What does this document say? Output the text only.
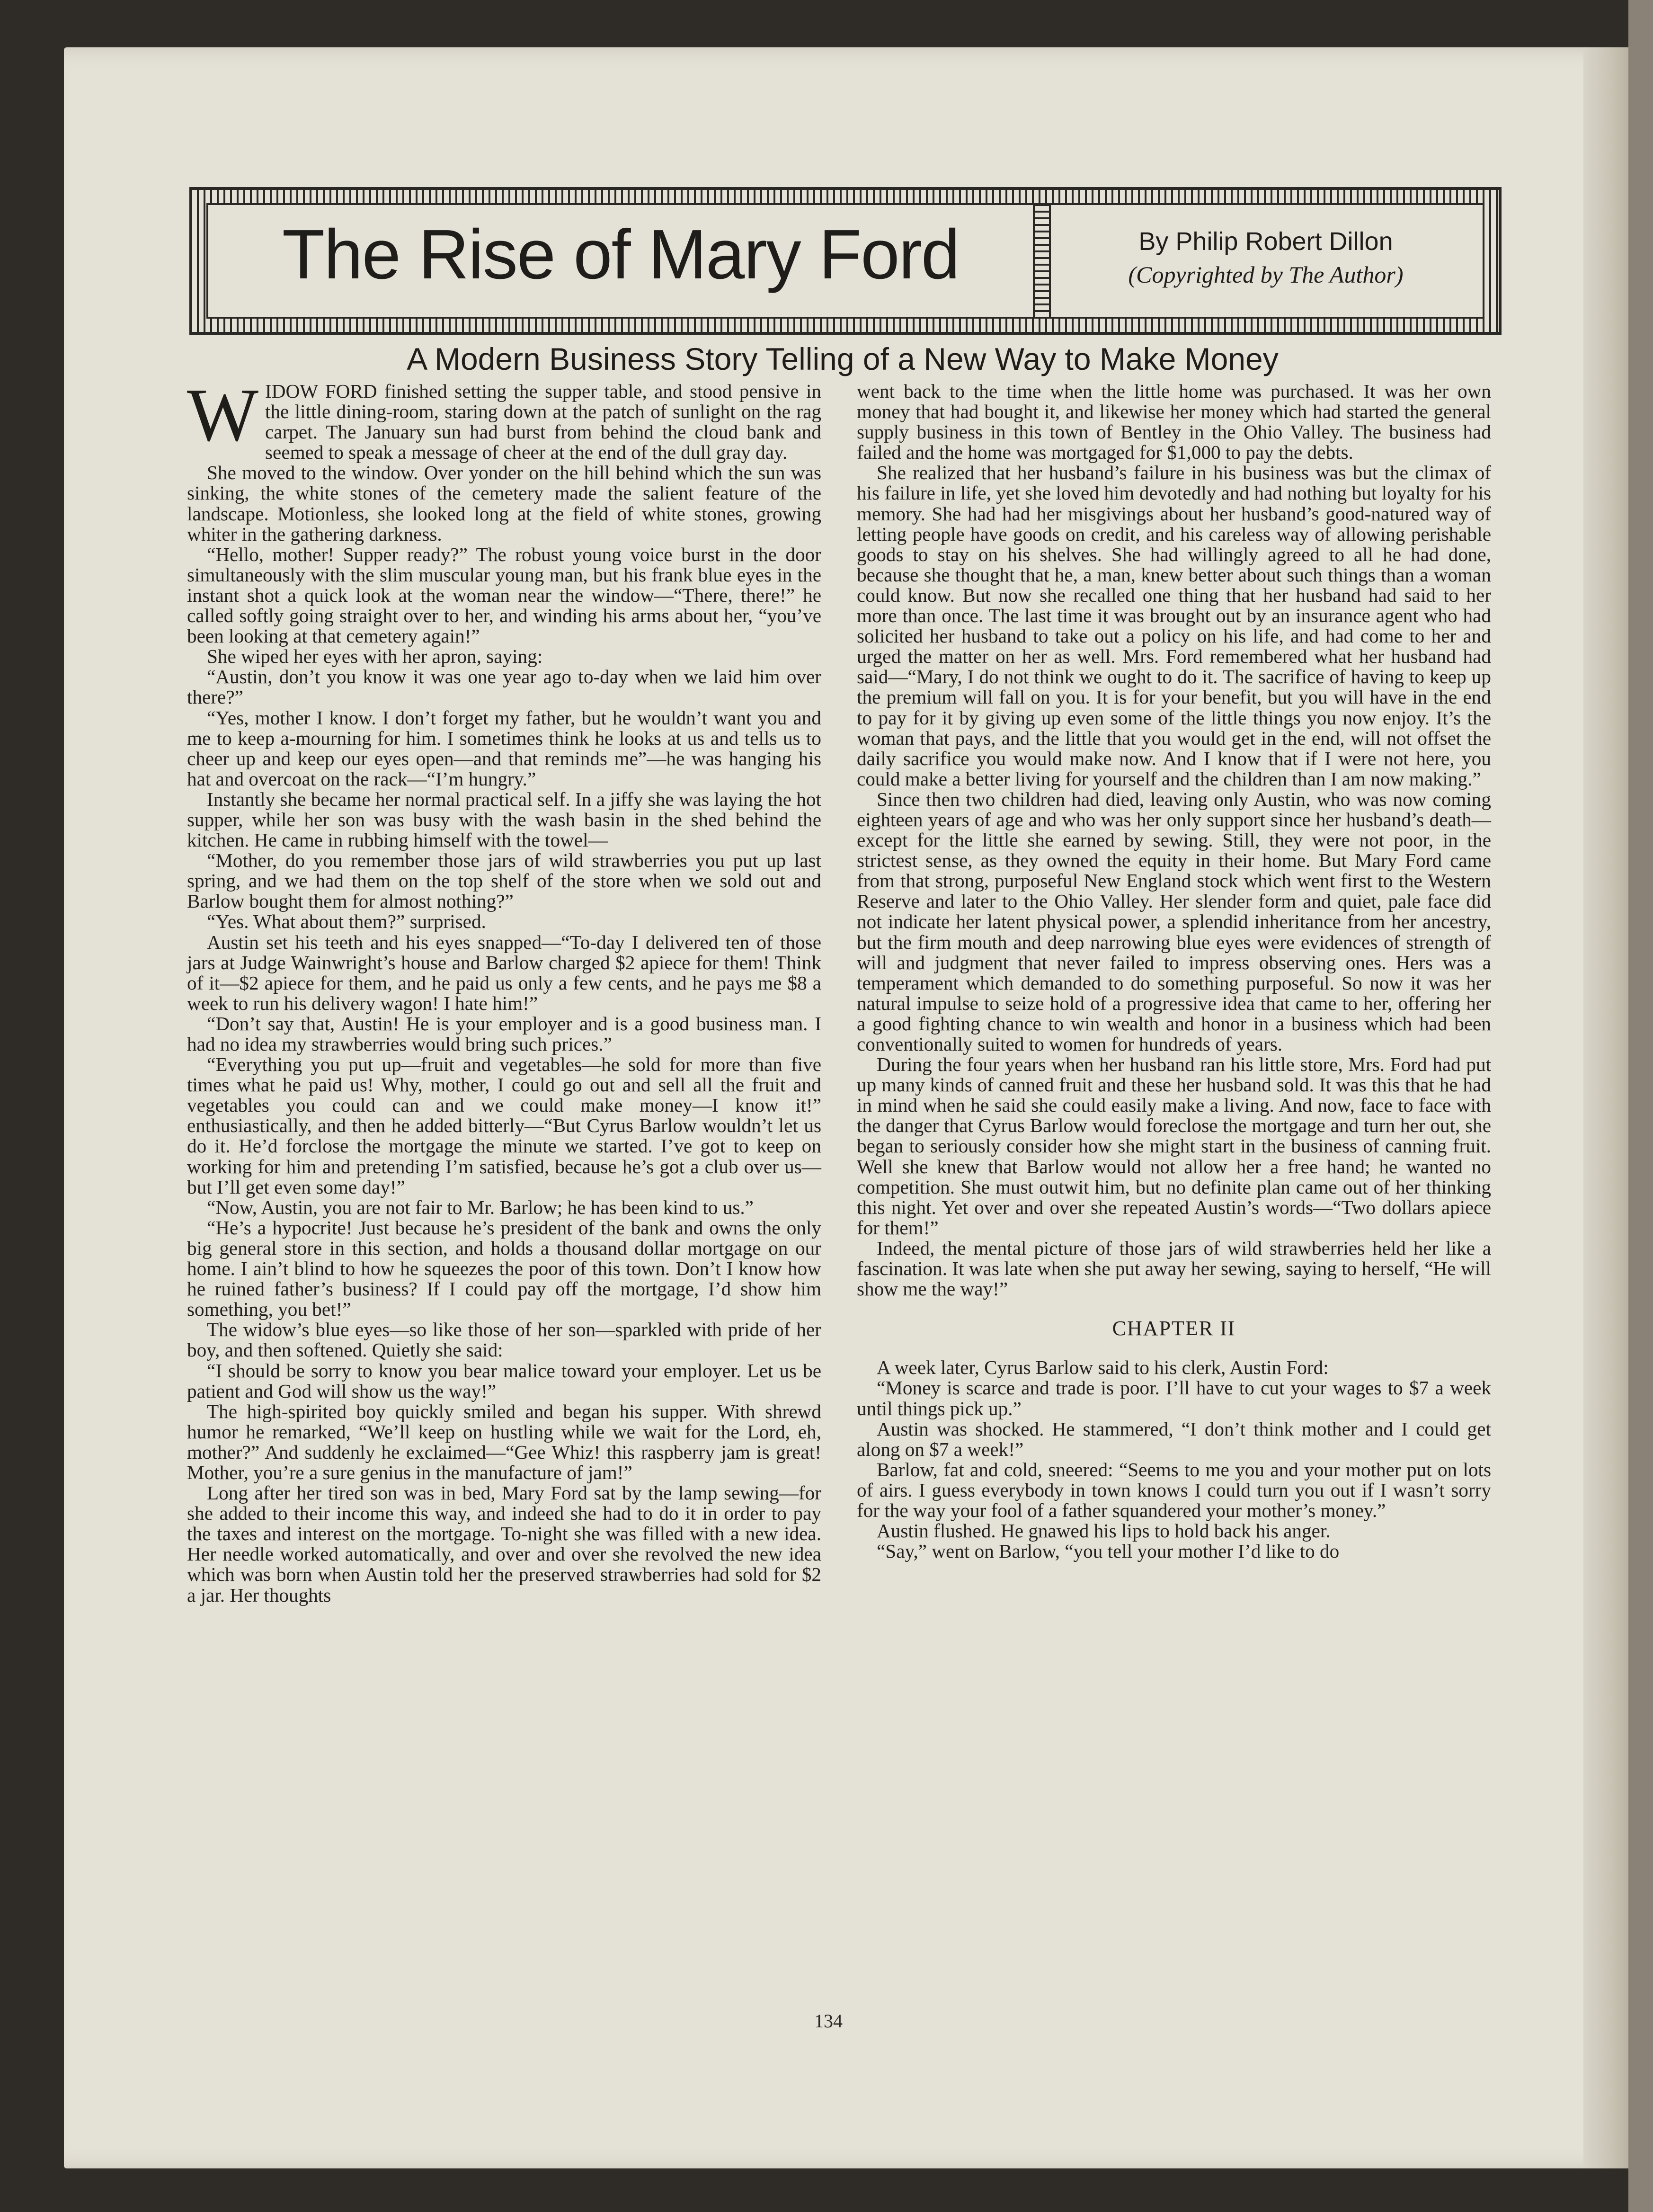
The Rise of Mary Ford	By Philip Robert Dillon
(Copyrighted by The Author)
A Modern Business Story Telling of a New Way to Make Money
W IDOW FORD finished setting the supper table, and stood pensive in the little dining-room, staring down at the patch of sunlight on the rag carpet. The January sun had burst from behind the cloud bank and seemed to speak a message of cheer at the end of the dull gray day.

She moved to the window. Over yonder on the hill behind which the sun was sinking, the white stones of the cemetery made the salient feature of the landscape. Motionless, she looked long at the field of white stones, growing whiter in the gathering darkness.

“Hello, mother! Supper ready?” The robust young voice burst in the door simultaneously with the slim muscular young man, but his frank blue eyes in the instant shot a quick look at the woman near the window—“There, there!” he called softly going straight over to her, and winding his arms about her, “you’ve been looking at that cemetery again!”

She wiped her eyes with her apron, saying:

“Austin, don’t you know it was one year ago to-day when we laid him over there?”

“Yes, mother I know. I don’t forget my father, but he wouldn’t want you and me to keep a-mourning for him. I sometimes think he looks at us and tells us to cheer up and keep our eyes open—and that reminds me”—he was hanging his hat and overcoat on the rack—“I’m hungry.”

Instantly she became her normal practical self. In a jiffy she was laying the hot supper, while her son was busy with the wash basin in the shed behind the kitchen. He came in rubbing himself with the towel—

“Mother, do you remember those jars of wild strawberries you put up last spring, and we had them on the top shelf of the store when we sold out and Barlow bought them for almost nothing?”

“Yes. What about them?” surprised.

Austin set his teeth and his eyes snapped—“To-day I delivered ten of those jars at Judge Wainwright’s house and Barlow charged $2 apiece for them! Think of it—$2 apiece for them, and he paid us only a few cents, and he pays me $8 a week to run his delivery wagon! I hate him!”

“Don’t say that, Austin! He is your employer and is a good business man. I had no idea my strawberries would bring such prices.”

“Everything you put up—fruit and vegetables—he sold for more than five times what he paid us! Why, mother, I could go out and sell all the fruit and vegetables you could can and we could make money—I know it!” enthusiastically, and then he added bitterly—“But Cyrus Barlow wouldn’t let us do it. He’d forclose the mortgage the minute we started. I’ve got to keep on working for him and pretending I’m satisfied, because he’s got a club over us—but I’ll get even some day!”

“Now, Austin, you are not fair to Mr. Barlow; he has been kind to us.”

“He’s a hypocrite! Just because he’s president of the bank and owns the only big general store in this section, and holds a thousand dollar mortgage on our home. I ain’t blind to how he squeezes the poor of this town. Don’t I know how he ruined father’s business? If I could pay off the mortgage, I’d show him something, you bet!”

The widow’s blue eyes—so like those of her son—sparkled with pride of her boy, and then softened. Quietly she said:

“I should be sorry to know you bear malice toward your employer. Let us be patient and God will show us the way!”

The high-spirited boy quickly smiled and began his supper. With shrewd humor he remarked, “We’ll keep on hustling while we wait for the Lord, eh, mother?” And suddenly he exclaimed—“Gee Whiz! this raspberry jam is great! Mother, you’re a sure genius in the manufacture of jam!”

Long after her tired son was in bed, Mary Ford sat by the lamp sewing—for she added to their income this way, and indeed she had to do it in order to pay the taxes and interest on the mortgage. To-night she was filled with a new idea. Her needle worked automatically, and over and over she revolved the new idea which was born when Austin told her the preserved strawberries had sold for $2 a jar. Her thoughts

went back to the time when the little home was purchased. It was her own money that had bought it, and likewise her money which had started the general supply business in this town of Bentley in the Ohio Valley. The business had failed and the home was mortgaged for $1,000 to pay the debts.

She realized that her husband’s failure in his business was but the climax of his failure in life, yet she loved him devotedly and had nothing but loyalty for his memory. She had had her misgivings about her husband’s good-natured way of letting people have goods on credit, and his careless way of allowing perishable goods to stay on his shelves. She had willingly agreed to all he had done, because she thought that he, a man, knew better about such things than a woman could know. But now she recalled one thing that her husband had said to her more than once. The last time it was brought out by an insurance agent who had solicited her husband to take out a policy on his life, and had come to her and urged the matter on her as well. Mrs. Ford remembered what her husband had said—“Mary, I do not think we ought to do it. The sacrifice of having to keep up the premium will fall on you. It is for your benefit, but you will have in the end to pay for it by giving up even some of the little things you now enjoy. It’s the woman that pays, and the little that you would get in the end, will not offset the daily sacrifice you would make now. And I know that if I were not here, you could make a better living for yourself and the children than I am now making.”

Since then two children had died, leaving only Austin, who was now coming eighteen years of age and who was her only support since her husband’s death—except for the little she earned by sewing. Still, they were not poor, in the strictest sense, as they owned the equity in their home. But Mary Ford came from that strong, purposeful New England stock which went first to the Western Reserve and later to the Ohio Valley. Her slender form and quiet, pale face did not indicate her latent physical power, a splendid inheritance from her ancestry, but the firm mouth and deep narrowing blue eyes were evidences of strength of will and judgment that never failed to impress observing ones. Hers was a temperament which demanded to do something purposeful. So now it was her natural impulse to seize hold of a progressive idea that came to her, offering her a good fighting chance to win wealth and honor in a business which had been conventionally suited to women for hundreds of years.

During the four years when her husband ran his little store, Mrs. Ford had put up many kinds of canned fruit and these her husband sold. It was this that he had in mind when he said she could easily make a living. And now, face to face with the danger that Cyrus Barlow would foreclose the mortgage and turn her out, she began to seriously consider how she might start in the business of canning fruit. Well she knew that Barlow would not allow her a free hand; he wanted no competition. She must outwit him, but no definite plan came out of her thinking this night. Yet over and over she repeated Austin’s words—“Two dollars apiece for them!”

Indeed, the mental picture of those jars of wild strawberries held her like a fascination. It was late when she put away her sewing, saying to herself, “He will show me the way!”

CHAPTER II

A week later, Cyrus Barlow said to his clerk, Austin Ford:

“Money is scarce and trade is poor. I’ll have to cut your wages to $7 a week until things pick up.”

Austin was shocked. He stammered, “I don’t think mother and I could get along on $7 a week!”

Barlow, fat and cold, sneered: “Seems to me you and your mother put on lots of airs. I guess everybody in town knows I could turn you out if I wasn’t sorry for the way your fool of a father squandered your mother’s money.”

Austin flushed. He gnawed his lips to hold back his anger.

“Say,” went on Barlow, “you tell your mother I’d like to do

134
